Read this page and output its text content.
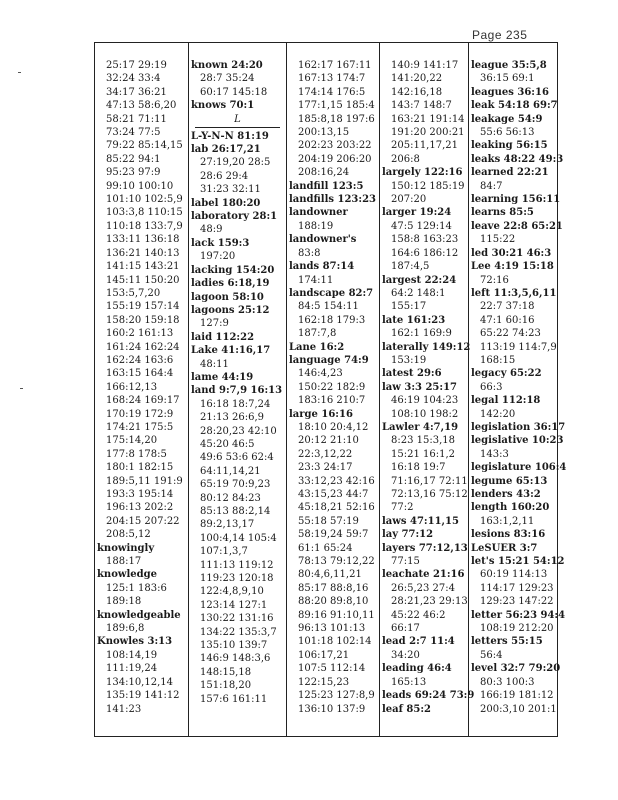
Page 235
25:17 29:19
32:24 33:4
34:17 36:21
47:13 58:6,20
58:21 71:11
73:24 77:5
79:22 85:14,15
85:22 94:1
95:23 97:9
99:10 100:10
101:10 102:5,9
103:3,8 110:15
110:18 133:7,9
133:11 136:18
136:21 140:13
141:15 143:21
145:11 150:20
153:5,7,20
155:19 157:14
158:20 159:18
160:2 161:13
161:24 162:24
162:24 163:6
163:15 164:4
166:12,13
168:24 169:17
170:19 172:9
174:21 175:5
175:14,20
177:8 178:5
180:1 182:15
189:5,11 191:9
193:3 195:14
196:13 202:2
204:15 207:22
208:5,12
knowingly
188:17
knowledge
125:1 183:6
189:18
knowledgeable
189:6,8
Knowles 3:13
108:14,19
111:19,24
134:10,12,14
135:19 141:12
141:23
known 24:20
28:7 35:24
60:17 145:18
knows 70:1
L
L-Y-N-N 81:19
lab 26:17,21
27:19,20 28:5
28:6 29:4
31:23 32:11
label 180:20
laboratory 28:1
48:9
lack 159:3
197:20
lacking 154:20
ladies 6:18,19
lagoon 58:10
lagoons 25:12
127:9
laid 112:22
Lake 41:16,17
48:11
lame 44:19
land 9:7,9 16:13
16:18 18:7,24
21:13 26:6,9
28:20,23 42:10
45:20 46:5
49:6 53:6 62:4
64:11,14,21
65:19 70:9,23
80:12 84:23
85:13 88:2,14
89:2,13,17
100:4,14 105:4
107:1,3,7
111:13 119:12
119:23 120:18
122:4,8,9,10
123:14 127:1
130:22 131:16
134:22 135:3,7
135:10 139:7
146:9 148:3,6
148:15,18
151:18,20
157:6 161:11
162:17 167:11
167:13 174:7
174:14 176:5
177:1,15 185:4
185:8,18 197:6
200:13,15
202:23 203:22
204:19 206:20
208:16,24
landfill 123:5
landfills 123:23
landowner
188:19
landowner's
83:8
lands 87:14
174:11
landscape 82:7
84:5 154:11
162:18 179:3
187:7,8
Lane 16:2
language 74:9
146:4,23
150:22 182:9
183:16 210:7
large 16:16
18:10 20:4,12
20:12 21:10
22:3,12,22
23:3 24:17
33:12,23 42:16
43:15,23 44:7
45:18,21 52:16
55:18 57:19
58:19,24 59:7
61:1 65:24
78:13 79:12,22
80:4,6,11,21
85:17 88:8,16
88:20 89:8,10
89:16 91:10,11
96:13 101:13
101:18 102:14
106:17,21
107:5 112:14
122:15,23
125:23 127:8,9
136:10 137:9
140:9 141:17
141:20,22
142:16,18
143:7 148:7
163:21 191:14
191:20 200:21
205:11,17,21
206:8
largely 122:16
150:12 185:19
207:20
larger 19:24
47:5 129:14
158:8 163:23
164:6 186:12
187:4,5
largest 22:24
64:2 148:1
155:17
late 161:23
162:1 169:9
laterally 149:12
153:19
latest 29:6
law 3:3 25:17
46:19 104:23
108:10 198:2
Lawler 4:7,19
8:23 15:3,18
15:21 16:1,2
16:18 19:7
71:16,17 72:11
72:13,16 75:12
77:2
laws 47:11,15
lay 77:12
layers 77:12,13
77:15
leachate 21:16
26:5,23 27:4
28:21,23 29:13
45:22 46:2
66:17
lead 2:7 11:4
34:20
leading 46:4
165:13
leads 69:24 73:9
leaf 85:2
league 35:5,8
36:15 69:1
leagues 36:16
leak 54:18 69:7
leakage 54:9
55:6 56:13
leaking 56:15
leaks 48:22 49:3
learned 22:21
84:7
learning 156:11
learns 85:5
leave 22:8 65:21
115:22
led 30:21 46:3
Lee 4:19 15:18
72:16
left 11:3,5,6,11
22:7 37:18
47:1 60:16
65:22 74:23
113:19 114:7,9
168:15
legacy 65:22
66:3
legal 112:18
142:20
legislation 36:17
legislative 10:23
143:3
legislature 106:4
legume 65:13
lenders 43:2
length 160:20
163:1,2,11
lesions 83:16
LeSUER 3:7
let's 15:21 54:12
60:19 114:13
114:17 129:23
129:23 147:22
letter 56:23 94:4
108:19 212:20
letters 55:15
56:4
level 32:7 79:20
80:3 100:3
166:19 181:12
200:3,10 201:1
